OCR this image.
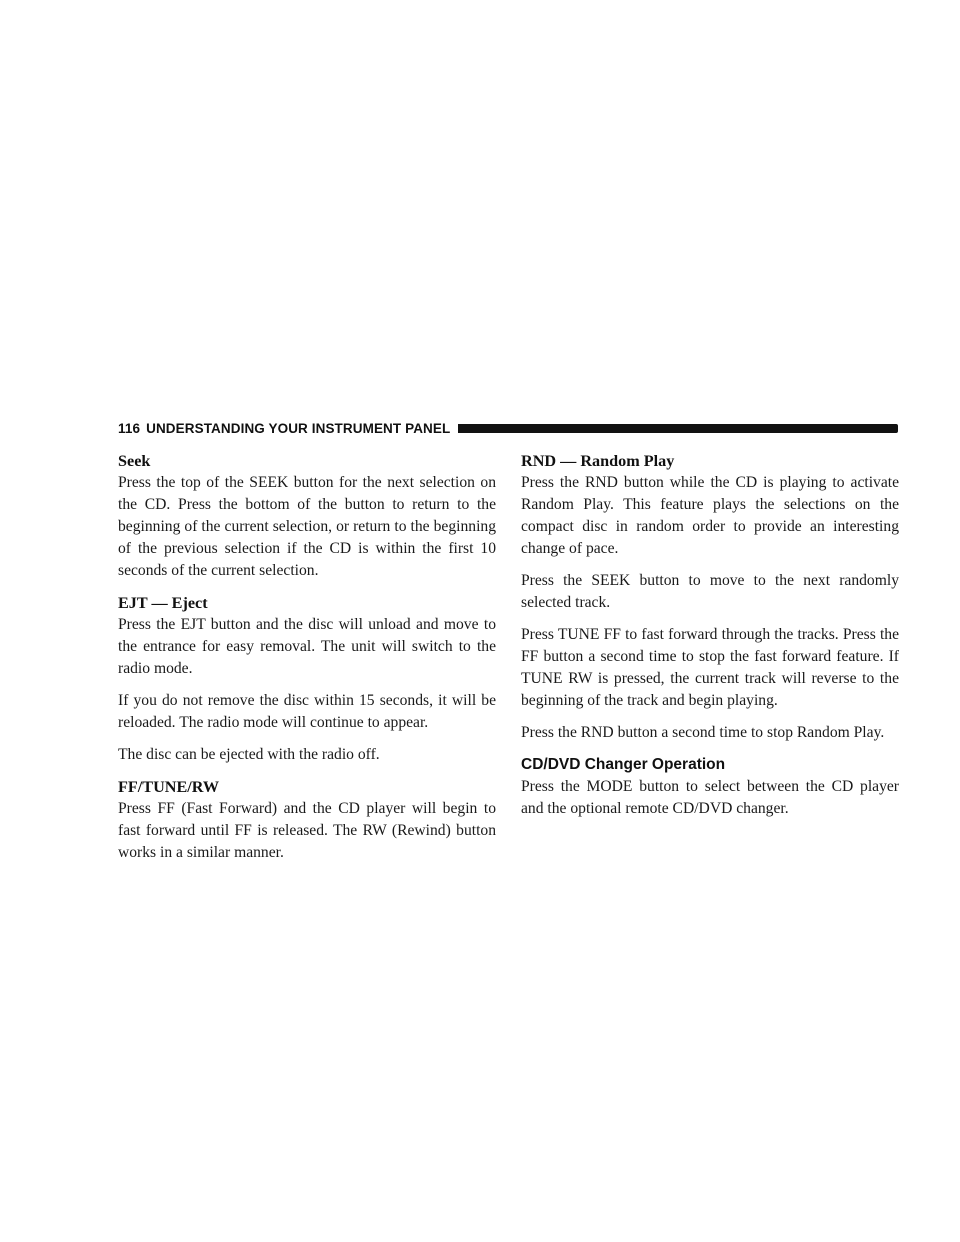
116 UNDERSTANDING YOUR INSTRUMENT PANEL
Seek

Press the top of the SEEK button for the next selection on the CD. Press the bottom of the button to return to the beginning of the current selection, or return to the beginning of the previous selection if the CD is within the first 10 seconds of the current selection.

EJT — Eject

Press the EJT button and the disc will unload and move to the entrance for easy removal. The unit will switch to the radio mode.

If you do not remove the disc within 15 seconds, it will be reloaded. The radio mode will continue to appear.

The disc can be ejected with the radio off.

FF/TUNE/RW

Press FF (Fast Forward) and the CD player will begin to fast forward until FF is released. The RW (Rewind) button works in a similar manner.

RND — Random Play

Press the RND button while the CD is playing to activate Random Play. This feature plays the selections on the compact disc in random order to provide an interesting change of pace.

Press the SEEK button to move to the next randomly selected track.

Press TUNE FF to fast forward through the tracks. Press the FF button a second time to stop the fast forward feature. If TUNE RW is pressed, the current track will reverse to the beginning of the track and begin playing.

Press the RND button a second time to stop Random Play.

CD/DVD Changer Operation

Press the MODE button to select between the CD player and the optional remote CD/DVD changer.
